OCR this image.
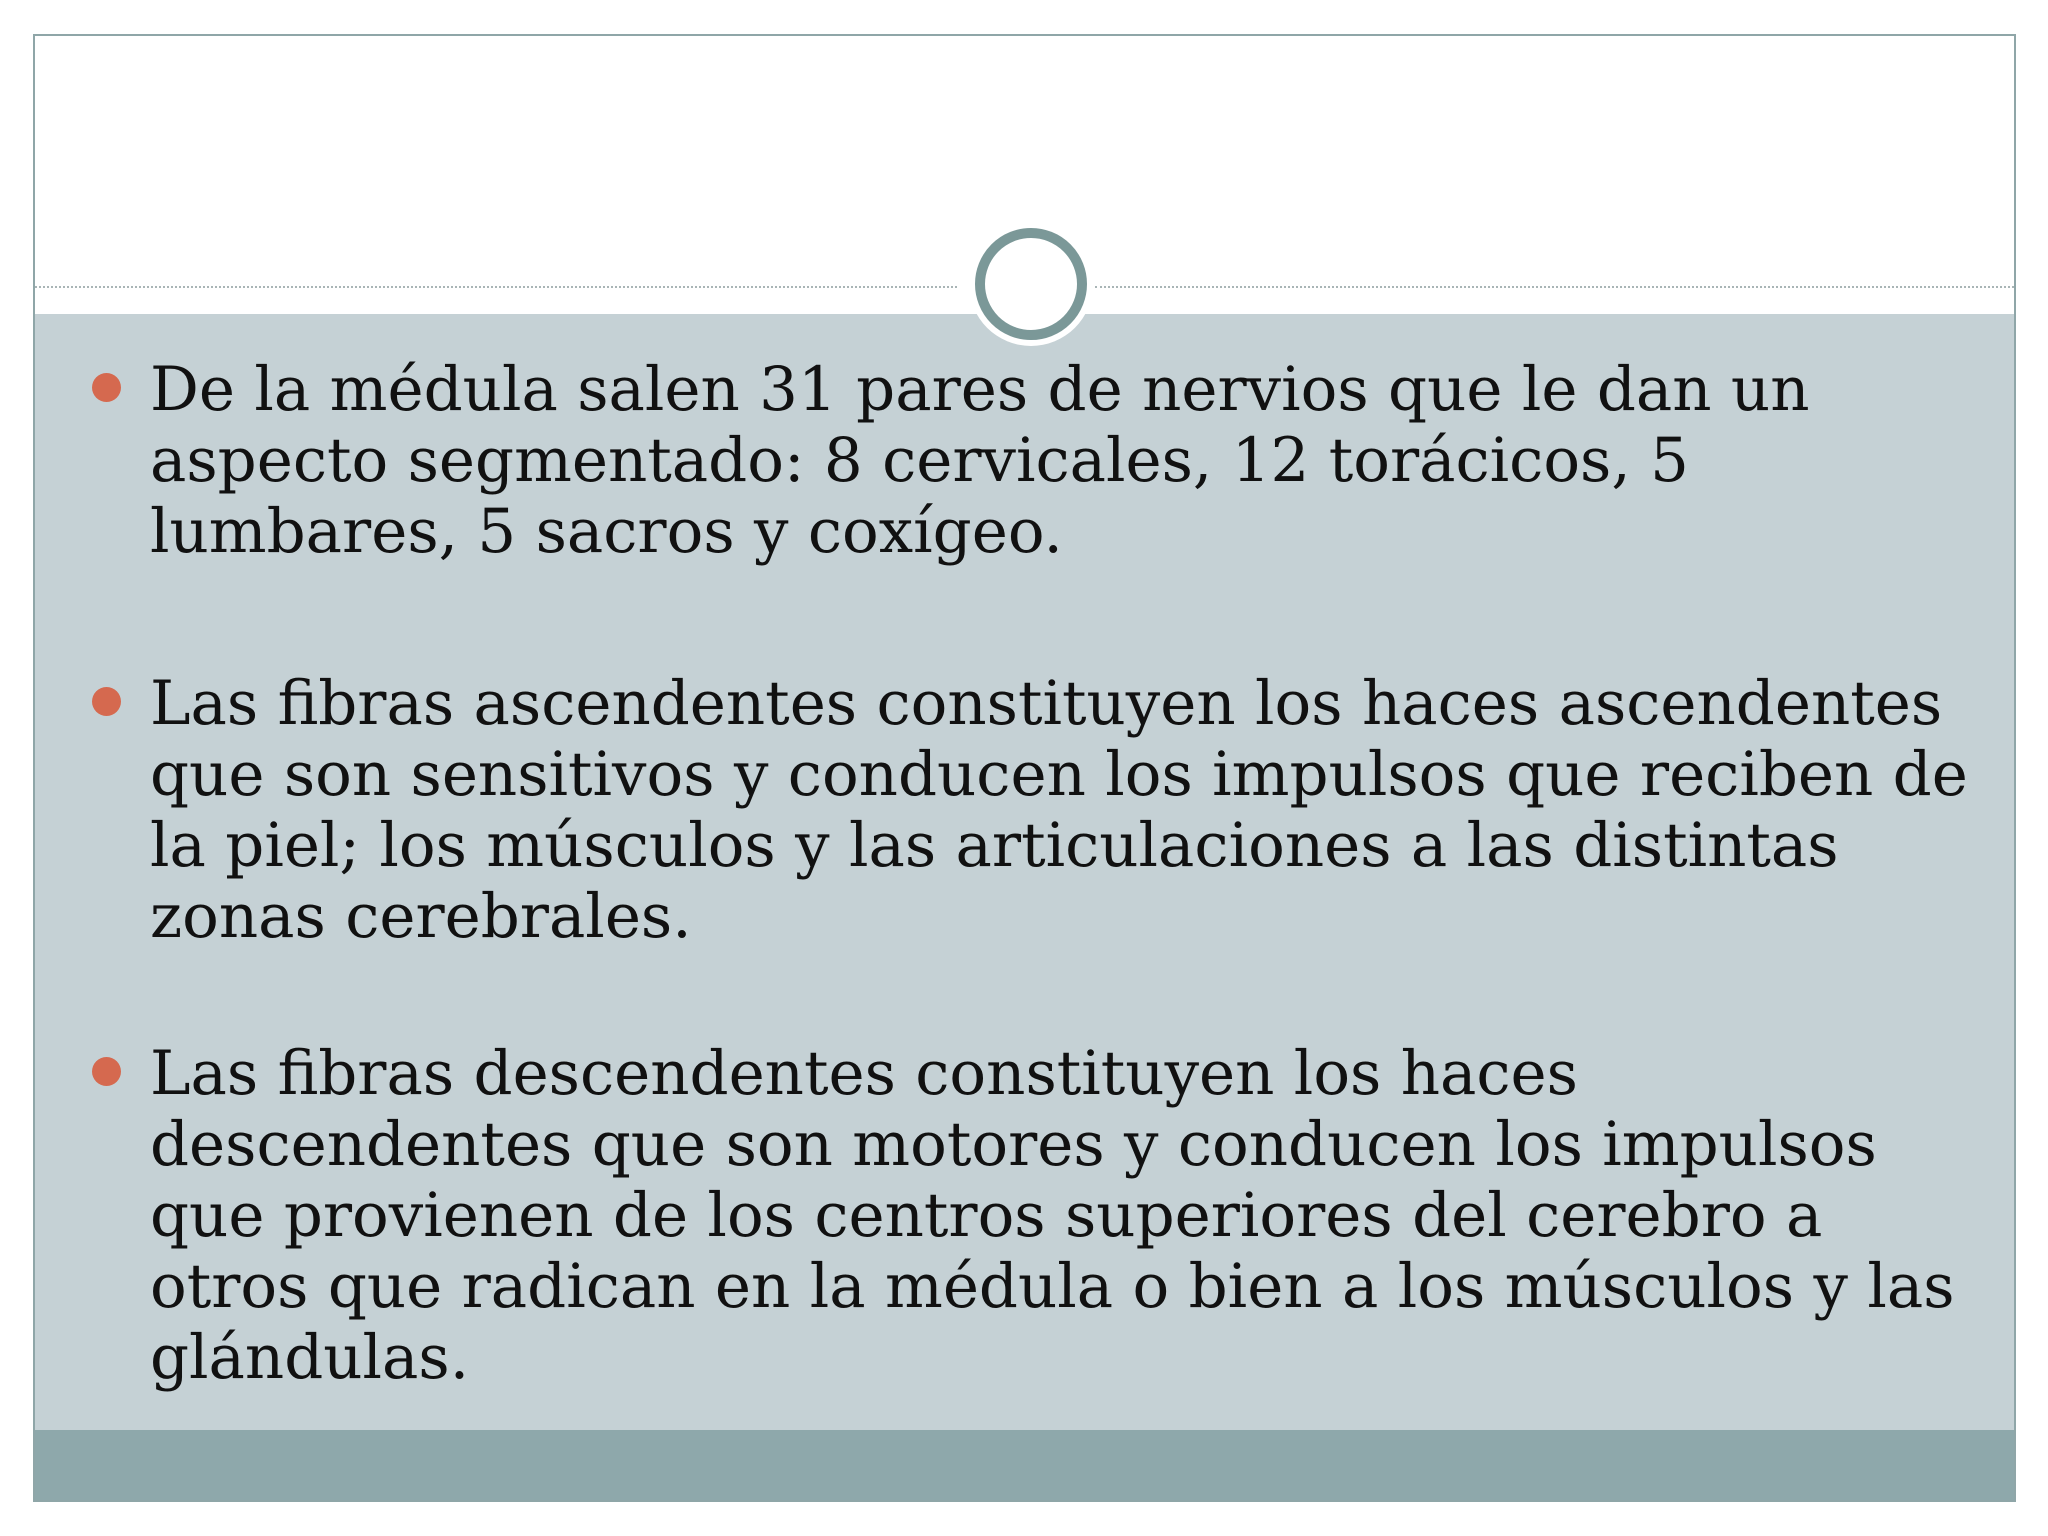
De la médula salen 31 pares de nervios que le dan un aspecto segmentado: 8 cervicales, 12 torácicos, 5 lumbares, 5 sacros y coxígeo.
Las fibras ascendentes constituyen los haces ascendentes que son sensitivos y conducen los impulsos que reciben de la piel; los músculos y las articulaciones a las distintas zonas cerebrales.
Las fibras descendentes constituyen los haces descendentes que son motores y conducen los impulsos que provienen de los centros superiores del cerebro a otros que radican en la médula o bien a los músculos y las glándulas.
